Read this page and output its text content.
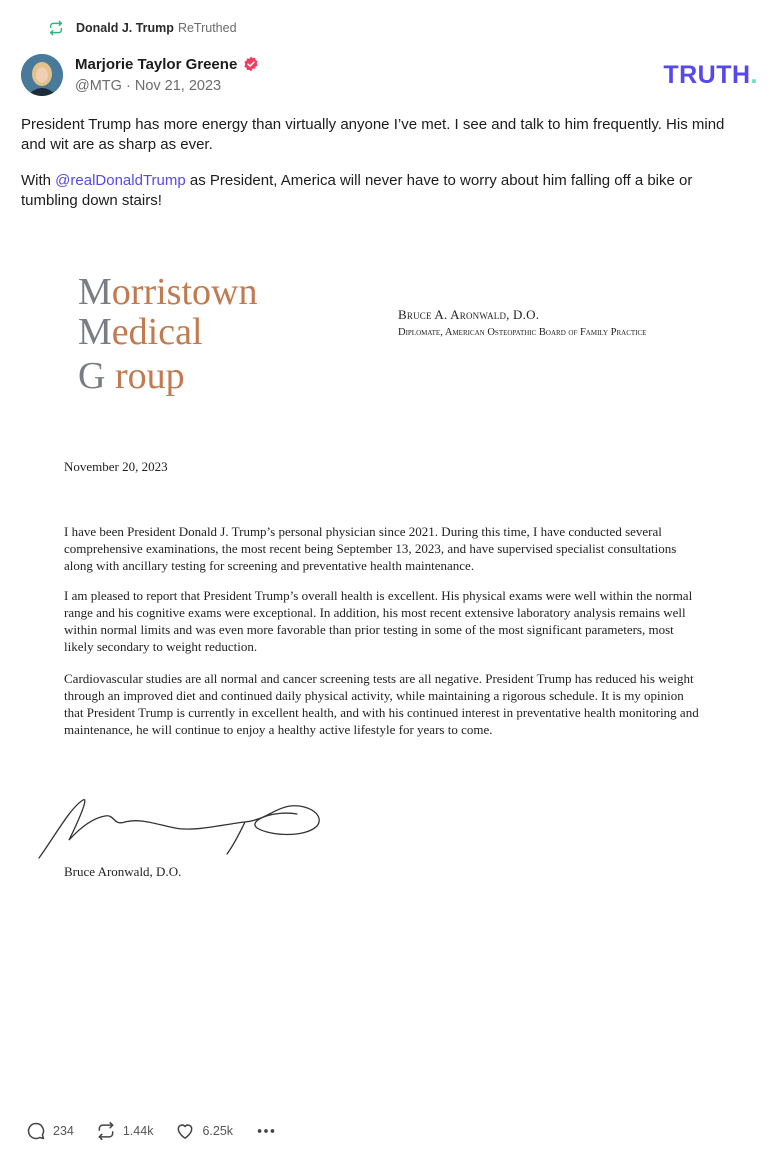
Donald J. Trump ReTruthed
Marjorie Taylor Greene
@MTG · Nov 21, 2023	TRUTH.

President Trump has more energy than virtually anyone I’ve met. I see and talk to him frequently. His mind and wit are as sharp as ever.

With @realDonaldTrump as President, America will never have to worry about him falling off a bike or tumbling down stairs!

Morristown
Medical
G roup
Bruce A. Aronwald, D.O.
Diplomate, American Osteopathic Board of Family Practice
November 20, 2023

I have been President Donald J. Trump’s personal physician since 2021. During this time, I have conducted several comprehensive examinations, the most recent being September 13, 2023, and have supervised specialist consultations along with ancillary testing for screening and preventative health maintenance.

I am pleased to report that President Trump’s overall health is excellent. His physical exams were well within the normal range and his cognitive exams were exceptional. In addition, his most recent extensive laboratory analysis remains well within normal limits and was even more favorable than prior testing in some of the most significant parameters, most likely secondary to weight reduction.

Cardiovascular studies are all normal and cancer screening tests are all negative. President Trump has reduced his weight through an improved diet and continued daily physical activity, while maintaining a rigorous schedule. It is my opinion that President Trump is currently in excellent health, and with his continued interest in preventative health monitoring and maintenance, he will continue to enjoy a healthy active lifestyle for years to come.

Bruce Aronwald, D.O.
234	1.44k	6.25k
